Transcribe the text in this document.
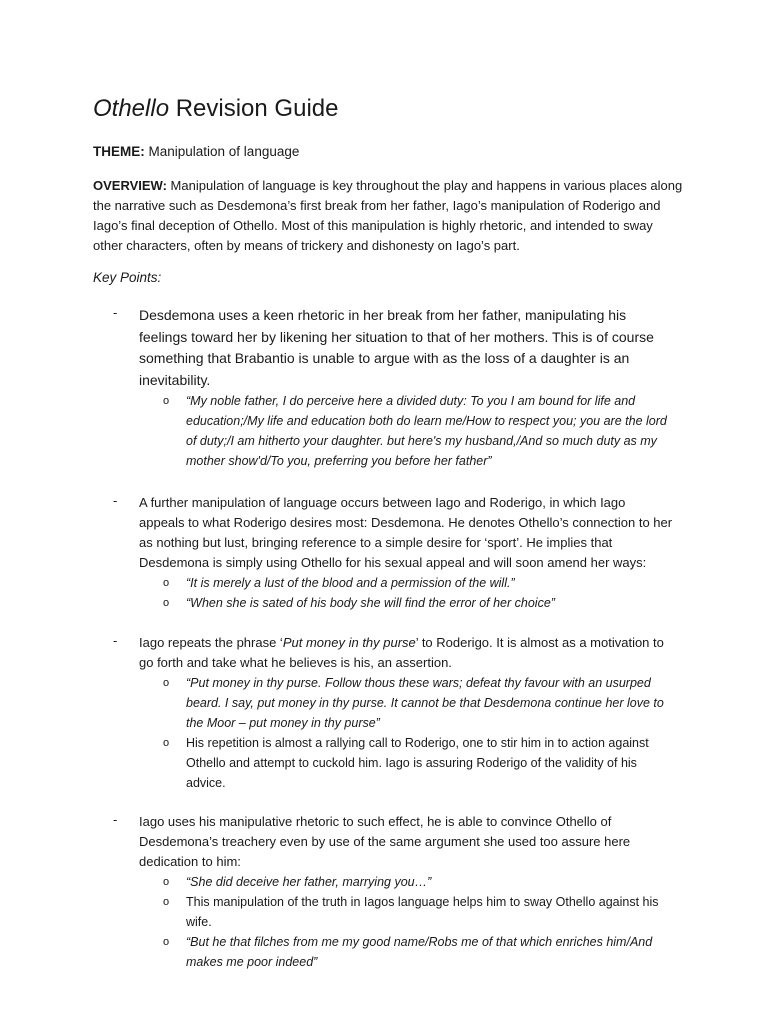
Othello Revision Guide
THEME: Manipulation of language
OVERVIEW: Manipulation of language is key throughout the play and happens in various places along the narrative such as Desdemona’s first break from her father, Iago’s manipulation of Roderigo and Iago’s final deception of Othello. Most of this manipulation is highly rhetoric, and intended to sway other characters, often by means of trickery and dishonesty on Iago’s part.
Key Points:
- Desdemona uses a keen rhetoric in her break from her father, manipulating his feelings toward her by likening her situation to that of her mothers. This is of course something that Brabantio is unable to argue with as the loss of a daughter is an inevitability.
o “My noble father, I do perceive here a divided duty: To you I am bound for life and education;/My life and education both do learn me/How to respect you; you are the lord of duty;/I am hitherto your daughter. but here's my husband,/And so much duty as my mother show'd/To you, preferring you before her father”
- A further manipulation of language occurs between Iago and Roderigo, in which Iago appeals to what Roderigo desires most: Desdemona. He denotes Othello’s connection to her as nothing but lust, bringing reference to a simple desire for ‘sport’. He implies that Desdemona is simply using Othello for his sexual appeal and will soon amend her ways:
o “It is merely a lust of the blood and a permission of the will.”
o “When she is sated of his body she will find the error of her choice”
- Iago repeats the phrase ‘Put money in thy purse’ to Roderigo. It is almost as a motivation to go forth and take what he believes is his, an assertion.
o “Put money in thy purse. Follow thous these wars; defeat thy favour with an usurped beard. I say, put money in thy purse. It cannot be that Desdemona continue her love to the Moor – put money in thy purse”
o His repetition is almost a rallying call to Roderigo, one to stir him in to action against Othello and attempt to cuckold him. Iago is assuring Roderigo of the validity of his advice.
- Iago uses his manipulative rhetoric to such effect, he is able to convince Othello of Desdemona’s treachery even by use of the same argument she used too assure here dedication to him:
o “She did deceive her father, marrying you…”
o This manipulation of the truth in Iagos language helps him to sway Othello against his wife.
o “But he that filches from me my good name/Robs me of that which enriches him/And makes me poor indeed”
